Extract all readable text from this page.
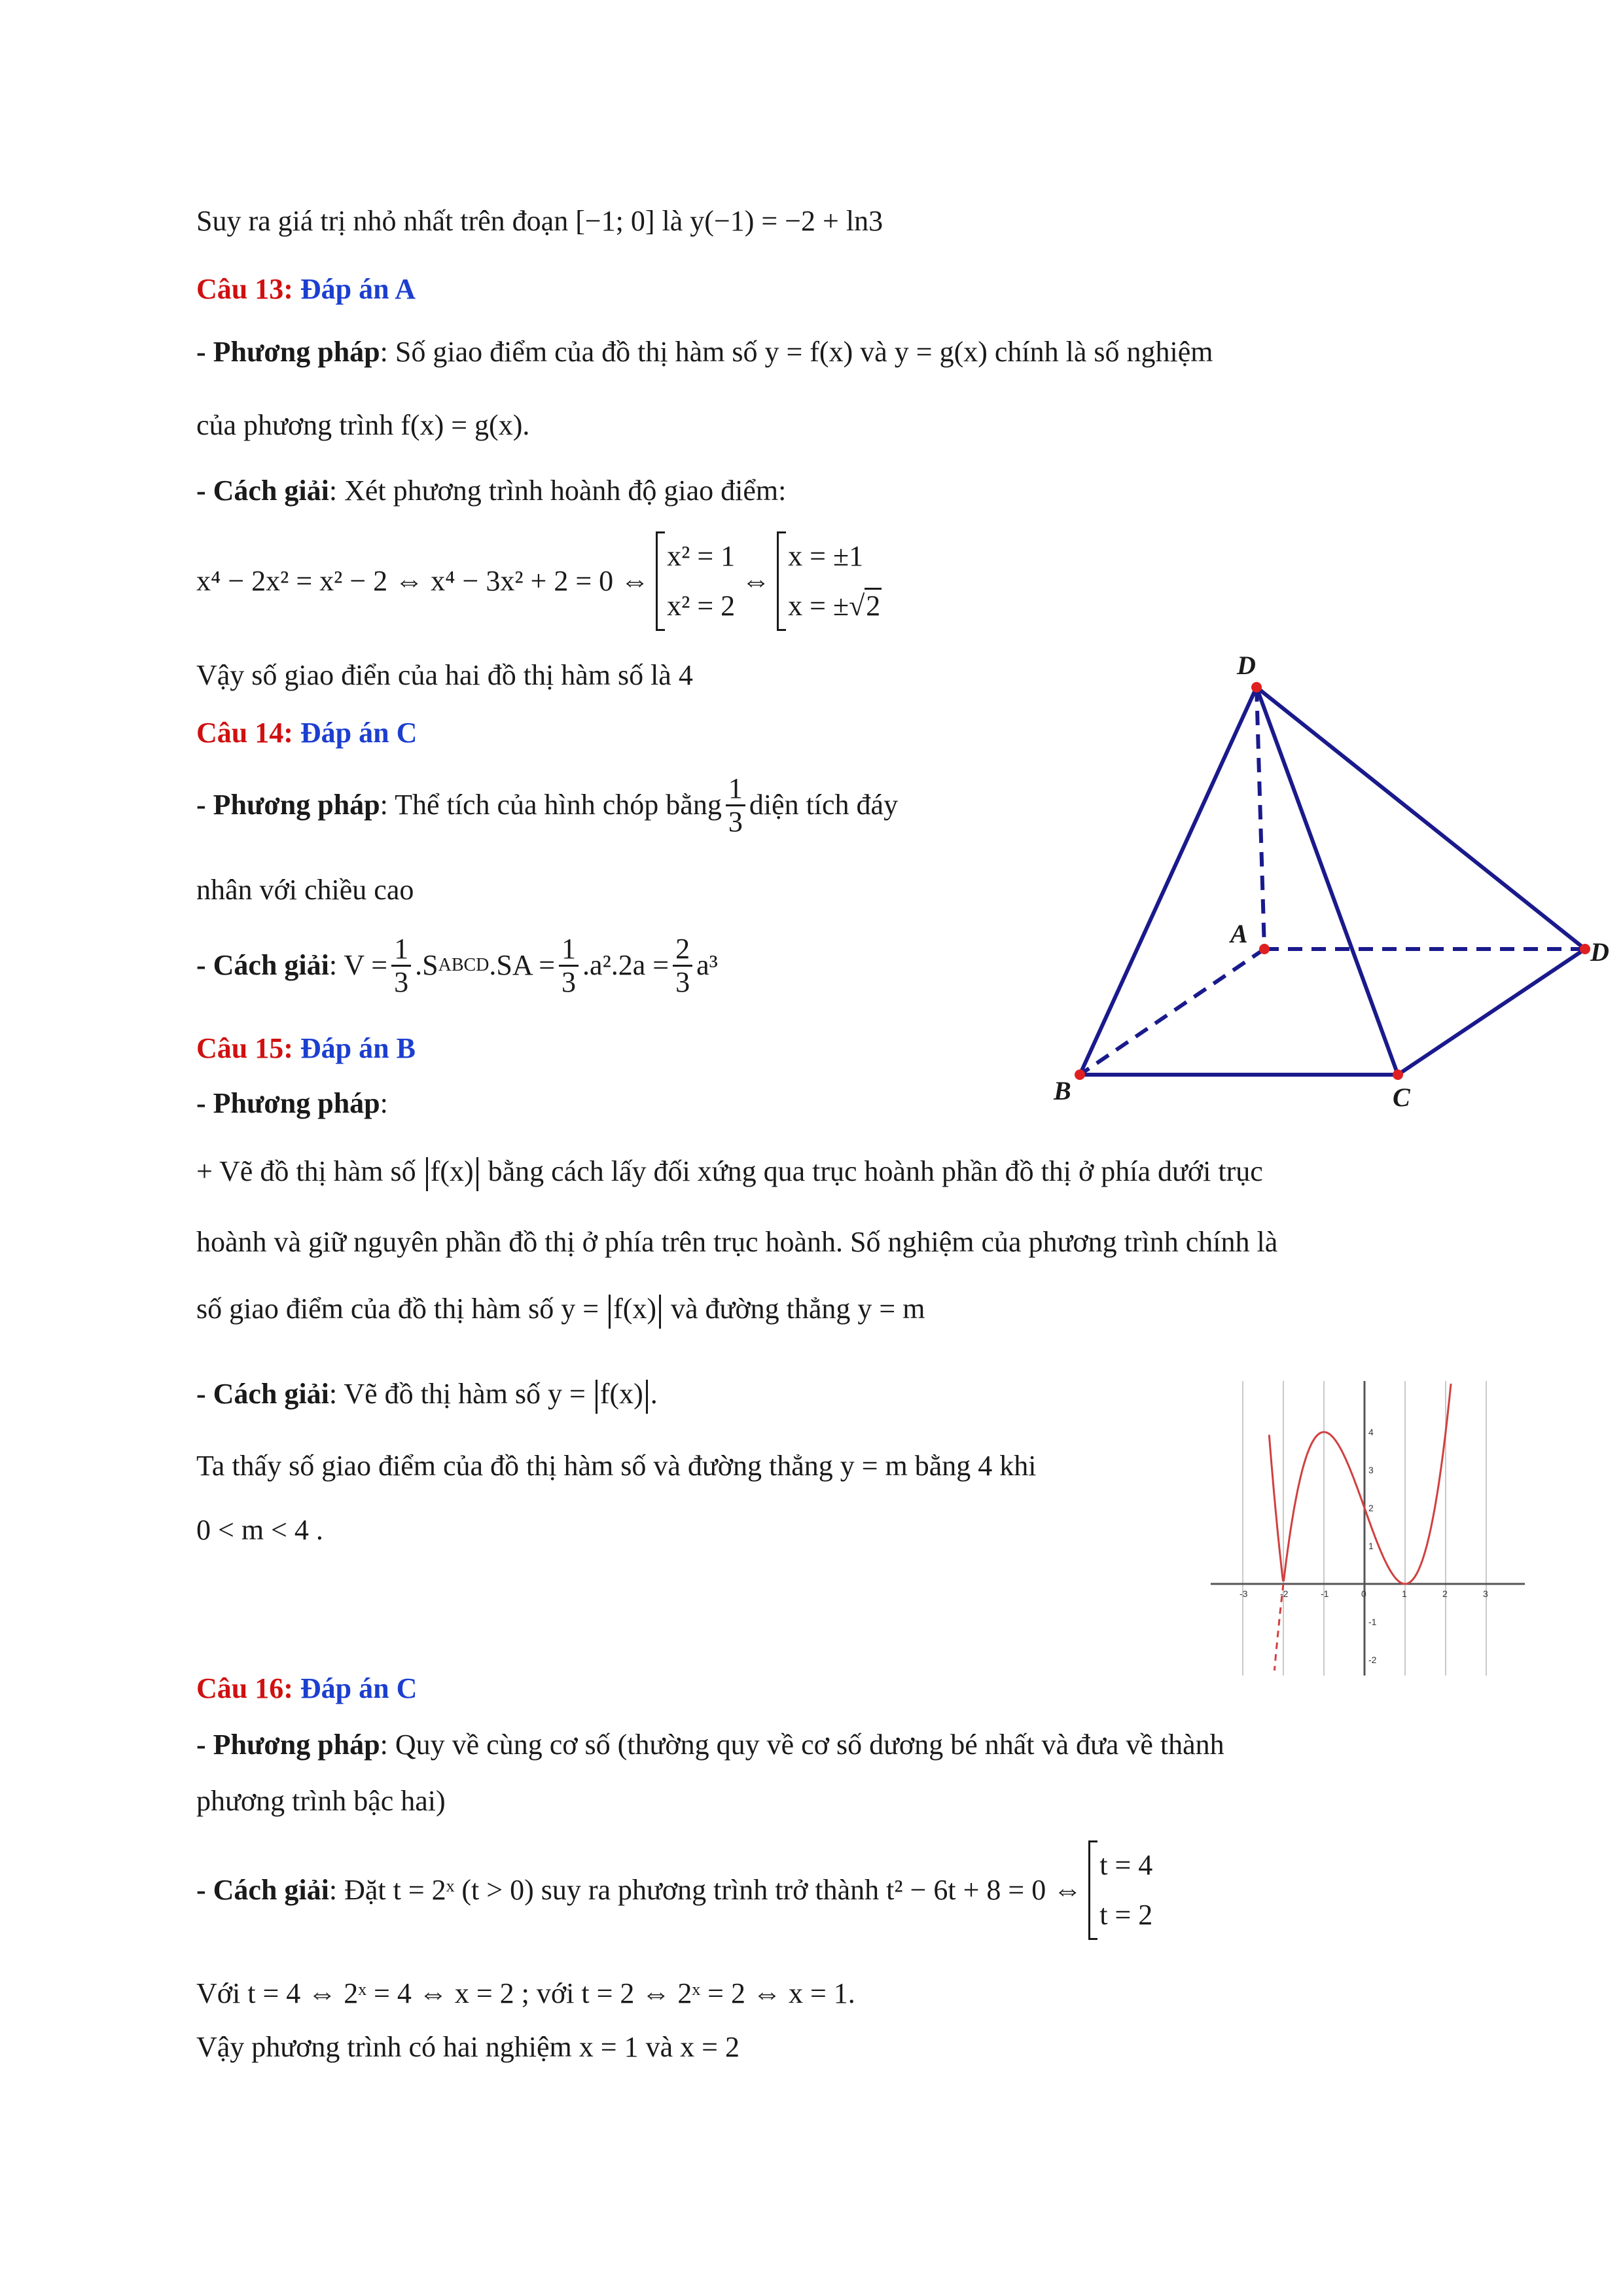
Suy ra giá trị nhỏ nhất trên đoạn [−1; 0] là y(−1) = −2 + ln3
Câu 13: Đáp án A
- Phương pháp: Số giao điểm của đồ thị hàm số y = f(x) và y = g(x) chính là số nghiệm
của phương trình f(x) = g(x).
- Cách giải: Xét phương trình hoành độ giao điểm:
x⁴ − 2x² = x² − 2 ⇔ x⁴ − 3x² + 2 = 0 ⇔
x² = 1
x² = 2
⇔
x = ±1
x = ±√2
Vậy số giao điển của hai đồ thị hàm số là 4
Câu 14: Đáp án C
- Phương pháp : Thể tích của hình chóp bằng $\frac{1}{3}$ diện tích đáy
nhân với chiều cao
- Cách giải : $V = \frac{1}{3} .S$ ABCD $.SA = \frac{1}{3} .a^2.2a = \frac{2}{3} a^3$
D
A
B	C
D
Câu 15: Đáp án B
- Phương pháp:
+ Vẽ đồ thị hàm số f(x) bằng cách lấy đối xứng qua trục hoành phần đồ thị ở phía dưới trục
hoành và giữ nguyên phần đồ thị ở phía trên trục hoành. Số nghiệm của phương trình chính là
số giao điểm của đồ thị hàm số y = f(x) và đường thẳng y = m
- Cách giải: Vẽ đồ thị hàm số y = f(x) .
Ta thấy số giao điểm của đồ thị hàm số và đường thẳng y = m bằng 4 khi
0 < m < 4 .
-3	-2	-1	0	1	2	3
4
3
2
1
-1
-2
Câu 16: Đáp án C
- Phương pháp: Quy về cùng cơ số (thường quy về cơ số dương bé nhất và đưa về thành
phương trình bậc hai)
- Cách giải : Đặt t = 2ˣ (t > 0) suy ra phương trình trở thành t² − 6t + 8 = 0 ⇔
t = 4
t = 2
Với t = 4 ⇔ 2ˣ = 4 ⇔ x = 2 ; với t = 2 ⇔ 2ˣ = 2 ⇔ x = 1.
Vậy phương trình có hai nghiệm x = 1 và x = 2
